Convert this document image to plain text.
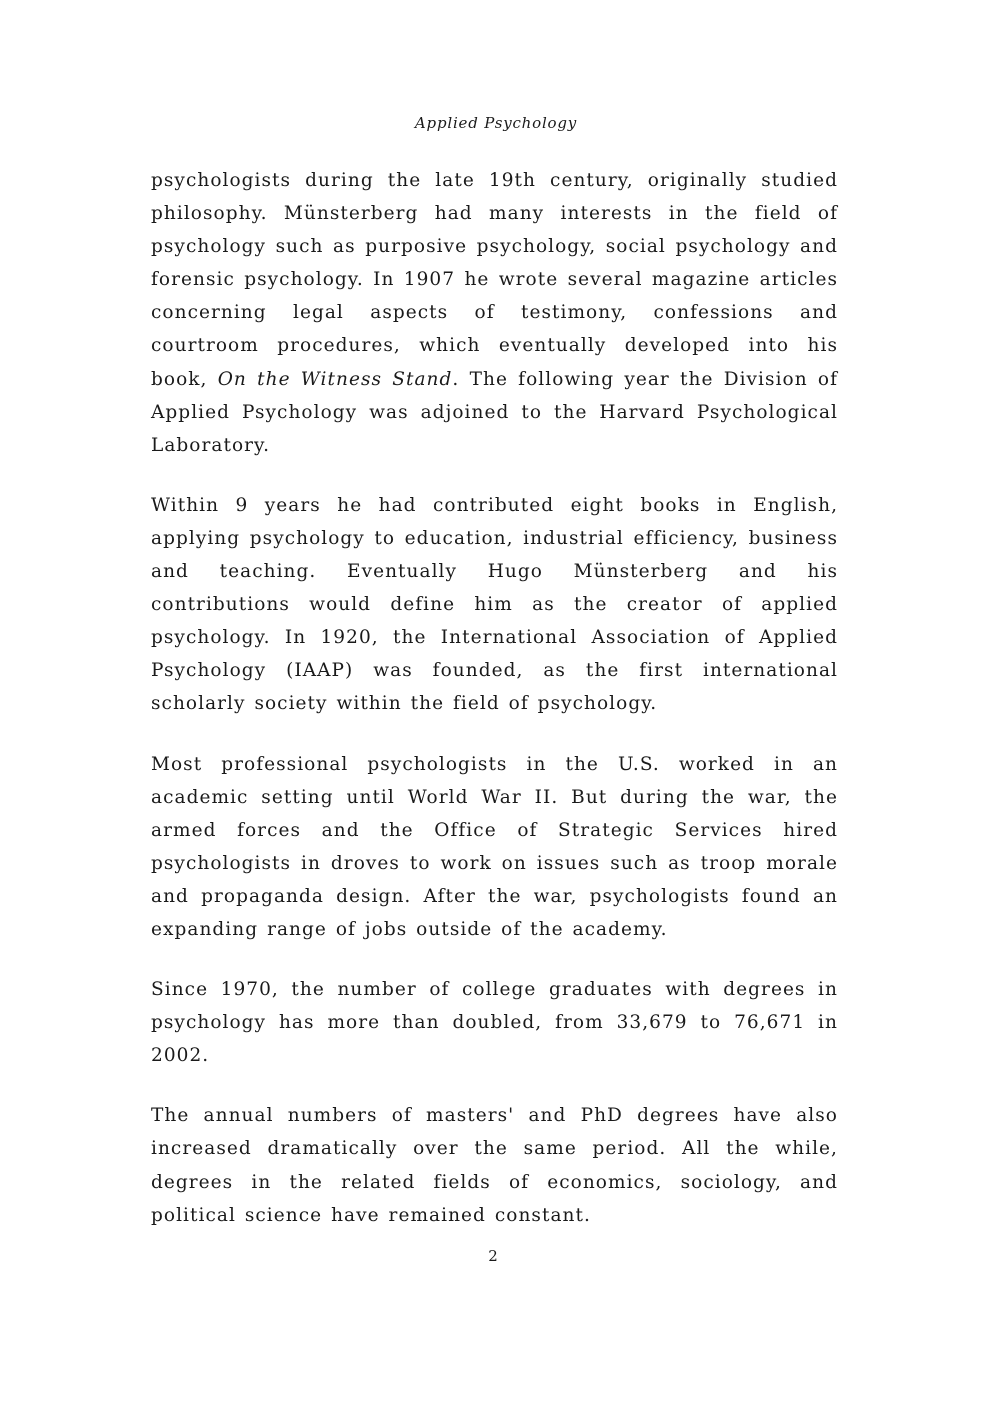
Applied Psychology

psychologists during the late 19th century, originally studied philosophy. Münsterberg had many interests in the field of psychology such as purposive psychology, social psychology and forensic psychology. In 1907 he wrote several magazine articles concerning legal aspects of testimony, confessions and courtroom procedures, which eventually developed into his book, On the Witness Stand. The following year the Division of Applied Psychology was adjoined to the Harvard Psychological Laboratory.

Within 9 years he had contributed eight books in English, applying psychology to education, industrial efficiency, business and teaching. Eventually Hugo Münsterberg and his contributions would define him as the creator of applied psychology. In 1920, the International Association of Applied Psychology (IAAP) was founded, as the first international scholarly society within the field of psychology.

Most professional psychologists in the U.S. worked in an academic setting until World War II. But during the war, the armed forces and the Office of Strategic Services hired psychologists in droves to work on issues such as troop morale and propaganda design. After the war, psychologists found an expanding range of jobs outside of the academy.

Since 1970, the number of college graduates with degrees in psychology has more than doubled, from 33,679 to 76,671 in 2002.

The annual numbers of masters' and PhD degrees have also increased dramatically over the same period. All the while, degrees in the related fields of economics, sociology, and political science have remained constant.

2
